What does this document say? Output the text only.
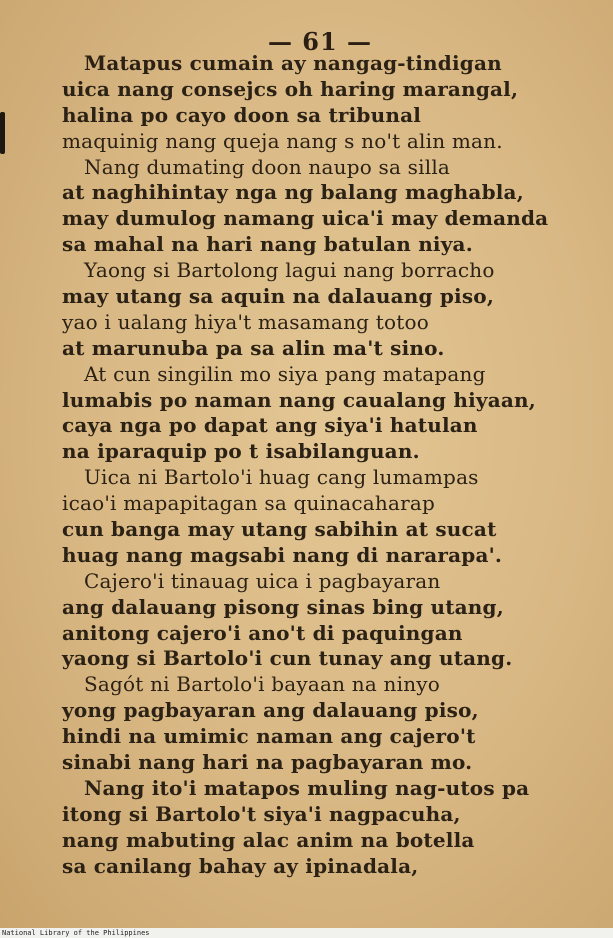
— 61 —
Matapus cumain ay nangag-tindigan
uica nang consejcs oh haring marangal,
halina po cayo doon sa tribunal
maquinig nang queja nang s no't alin man.
Nang dumating doon naupo sa silla
at naghihintay nga ng balang maghabla,
may dumulog namang uica'i may demanda
sa mahal na hari nang batulan niya.
Yaong si Bartolong lagui nang borracho
may utang sa aquin na dalauang piso,
yao i ualang hiya't masamang totoo
at marunuba pa sa alin ma't sino.
At cun singilin mo siya pang matapang
lumabis po naman nang caualang hiyaan,
caya nga po dapat ang siya'i hatulan
na iparaquip po t isabilanguan.
Uica ni Bartolo'i huag cang lumampas
icao'i mapapitagan sa quinacaharap
cun banga may utang sabihin at sucat
huag nang magsabi nang di nararapa'.
Cajero'i tinauag uica i pagbayaran
ang dalauang pisong sinas bing utang,
anitong cajero'i ano't di paquingan
yaong si Bartolo'i cun tunay ang utang.
Sagót ni Bartolo'i bayaan na ninyo
yong pagbayaran ang dalauang piso,
hindi na umimic naman ang cajero't
sinabi nang hari na pagbayaran mo.
Nang ito'i matapos muling nag-utos pa
itong si Bartolo't siya'i nagpacuha,
nang mabuting alac anim na botella
sa canilang bahay ay ipinadala,
National Library of the Philippines
